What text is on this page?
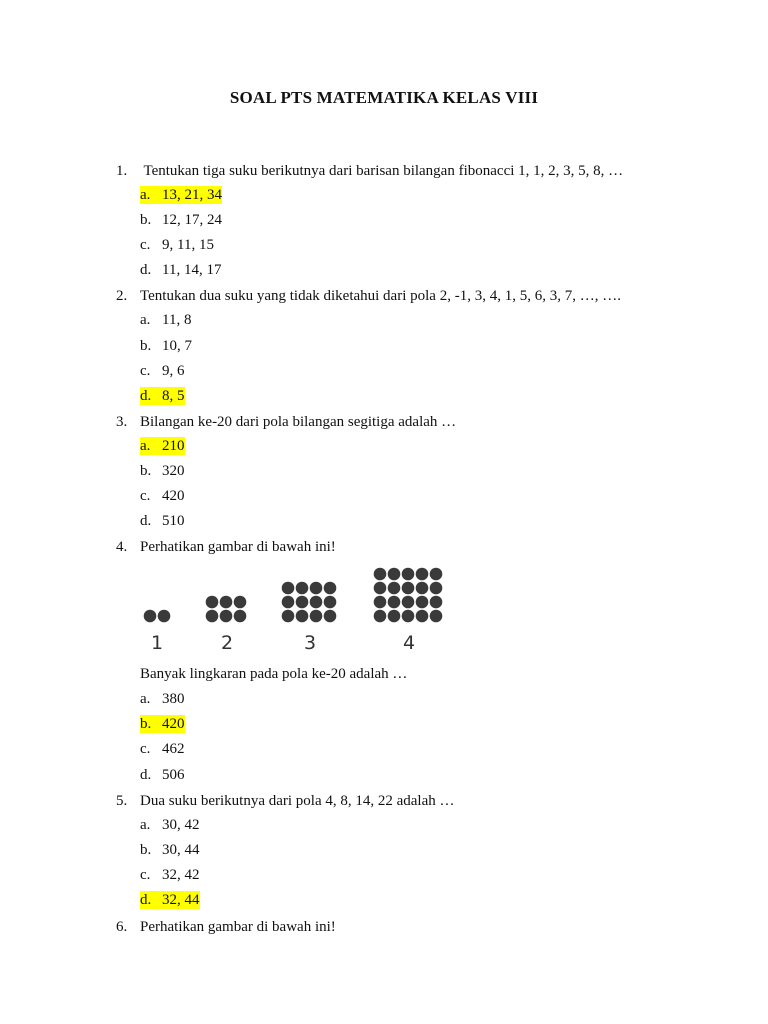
SOAL PTS MATEMATIKA KELAS VIII
1. Tentukan tiga suku berikutnya dari barisan bilangan fibonacci 1, 1, 2, 3, 5, 8, …
a. 13, 21, 34
b. 12, 17, 24
c. 9, 11, 15
d. 11, 14, 17
2. Tentukan dua suku yang tidak diketahui dari pola 2, -1, 3, 4, 1, 5, 6, 3, 7, …, ….
a. 11, 8
b. 10, 7
c. 9, 6
d. 8, 5
3. Bilangan ke-20 dari pola bilangan segitiga adalah …
a. 210
b. 320
c. 420
d. 510
4. Perhatikan gambar di bawah ini!
1	2	3	4
Banyak lingkaran pada pola ke-20 adalah …
a. 380
b. 420
c. 462
d. 506
5. Dua suku berikutnya dari pola 4, 8, 14, 22 adalah …
a. 30, 42
b. 30, 44
c. 32, 42
d. 32, 44
6. Perhatikan gambar di bawah ini!
